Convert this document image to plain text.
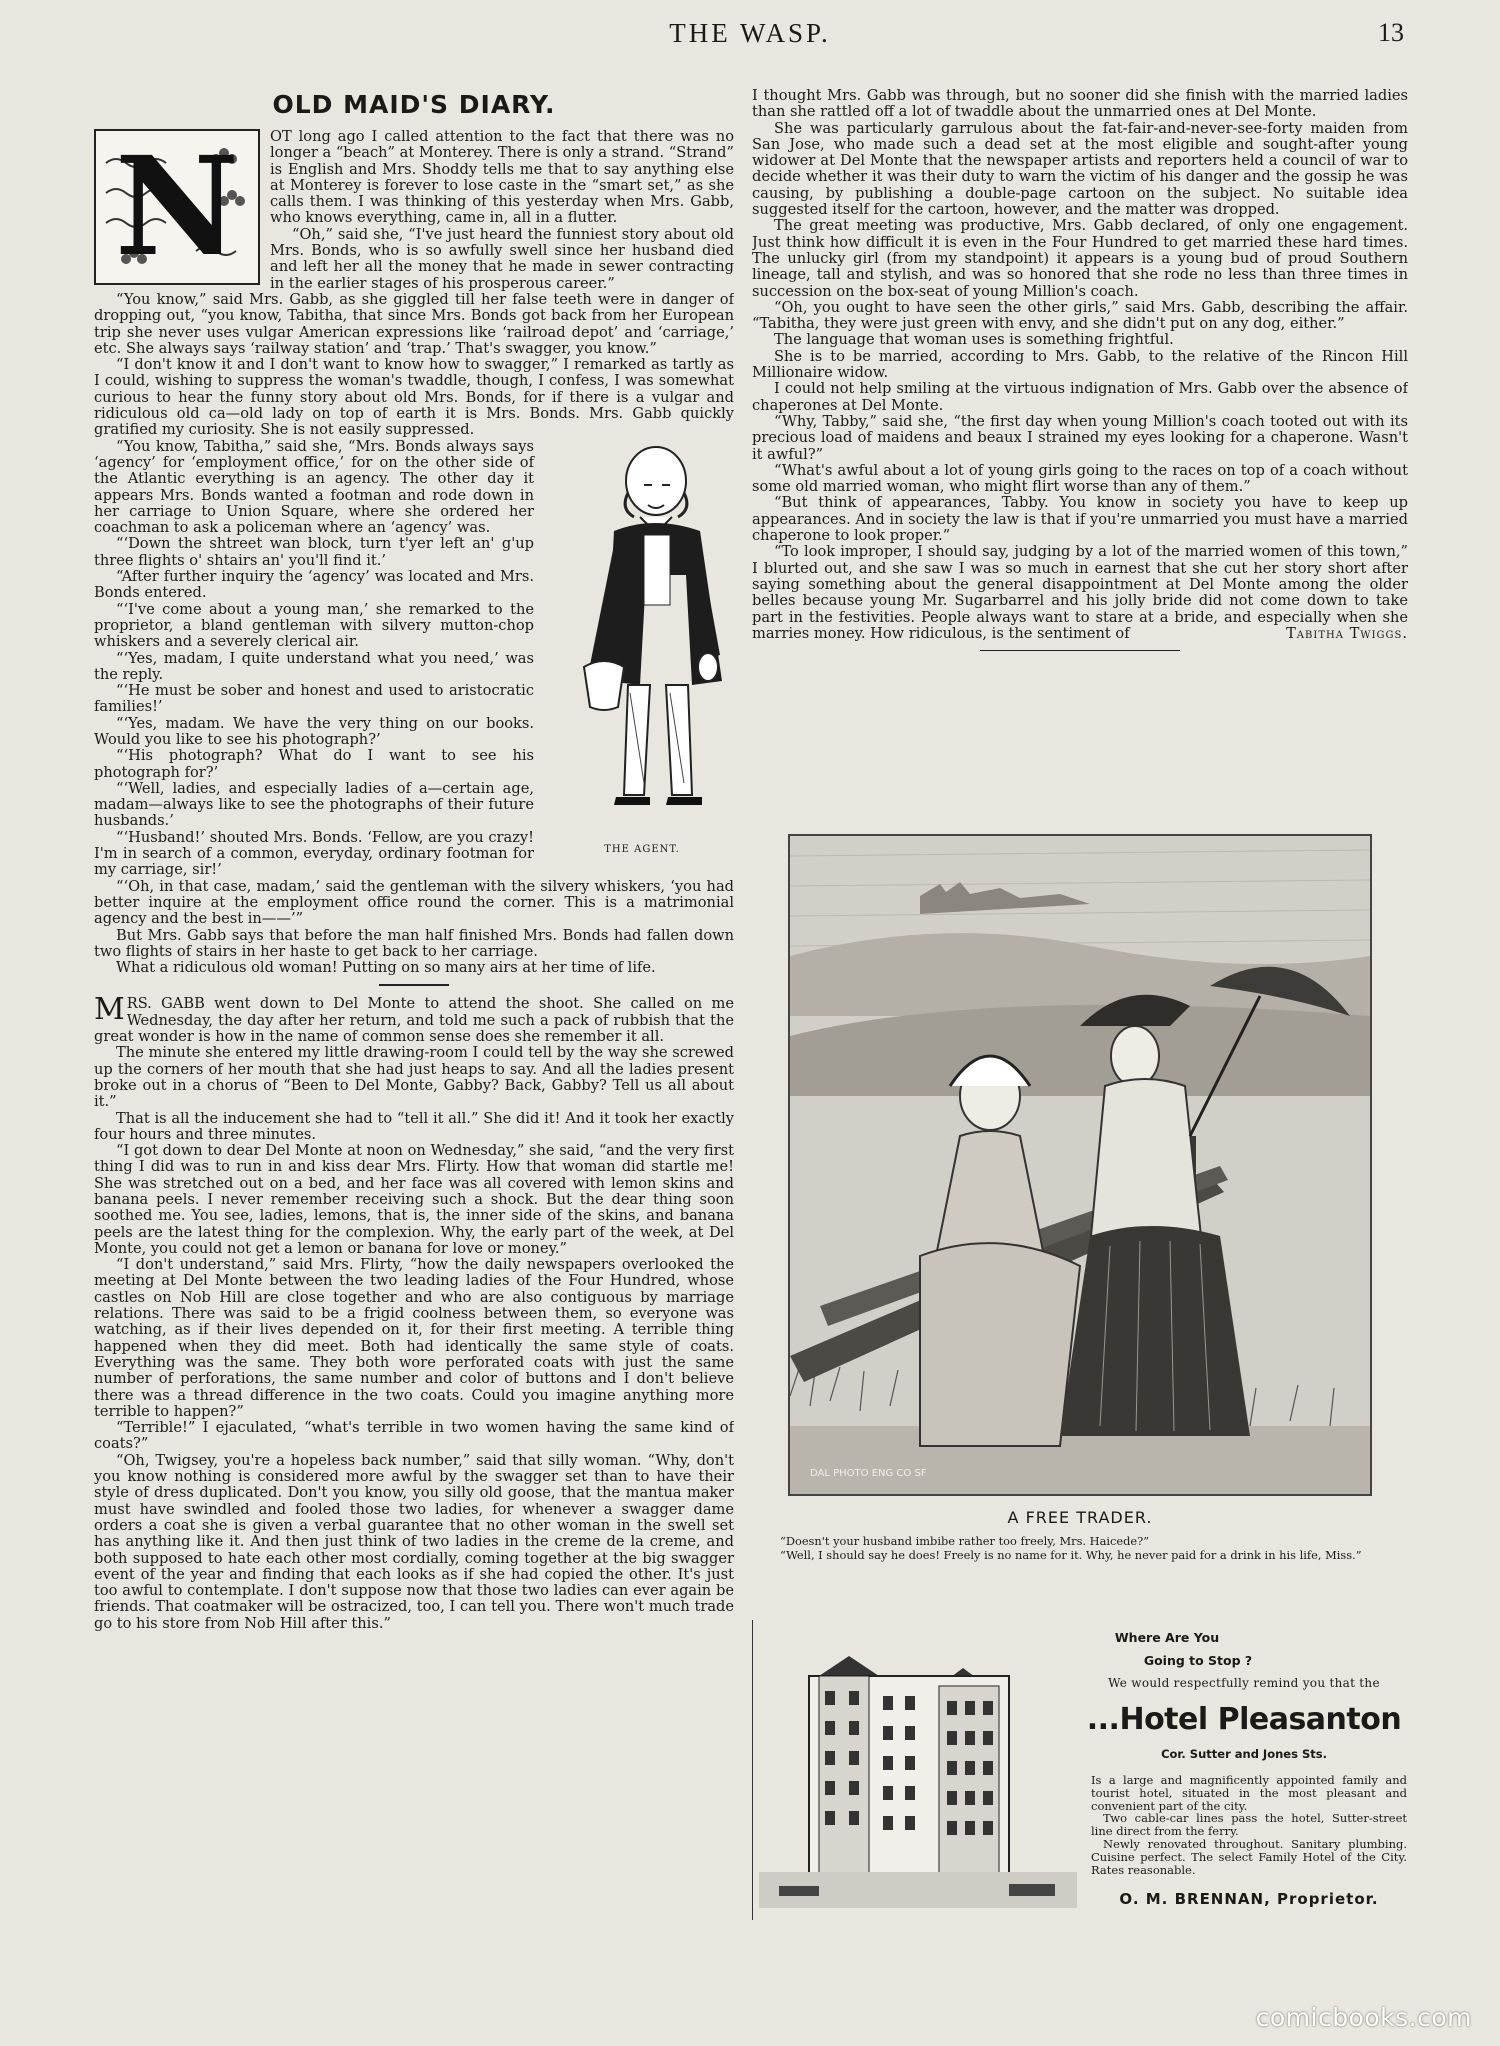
THE WASP.	13
OLD MAID'S DIARY.
N	OT long ago I called attention to the fact that there was no longer a “beach” at Monterey. There is only a strand. “Strand” is English and Mrs. Shoddy tells me that to say anything else at Monterey is forever to lose caste in the “smart set,” as she calls them. I was thinking of this yesterday when Mrs. Gabb, who knows everything, came in, all in a flutter.

“Oh,” said she, “I've just heard the funniest story about old Mrs. Bonds, who is so awfully swell since her husband died and left her all the money that he made in sewer contracting in the earlier stages of his prosperous career.”

“You know,” said Mrs. Gabb, as she giggled till her false teeth were in danger of dropping out, “you know, Tabitha, that since Mrs. Bonds got back from her European trip she never uses vulgar American expressions like ‘railroad depot’ and ‘carriage,’ etc. She always says ‘railway station’ and ‘trap.’ That's swagger, you know.”

“I don't know it and I don't want to know how to swagger,” I remarked as tartly as I could, wishing to suppress the woman's twaddle, though, I confess, I was somewhat curious to hear the funny story about old Mrs. Bonds, for if there is a vulgar and ridiculous old ca—old lady on top of earth it is Mrs. Bonds. Mrs. Gabb quickly gratified my curiosity. She is not easily suppressed.

THE AGENT.

“You know, Tabitha,” said she, “Mrs. Bonds always says ‘agency’ for ‘employment office,’ for on the other side of the Atlantic everything is an agency. The other day it appears Mrs. Bonds wanted a footman and rode down in her carriage to Union Square, where she ordered her coachman to ask a policeman where an ‘agency’ was.

“‘Down the shtreet wan block, turn t'yer left an' g'up three flights o' shtairs an' you'll find it.’

“After further inquiry the ‘agency’ was located and Mrs. Bonds entered.

“‘I've come about a young man,’ she remarked to the proprietor, a bland gentleman with silvery mutton-chop whiskers and a severely clerical air.

“‘Yes, madam, I quite understand what you need,’ was the reply.

“‘He must be sober and honest and used to aristocratic families!’

“‘Yes, madam. We have the very thing on our books. Would you like to see his photograph?’

“‘His photograph? What do I want to see his photograph for?’

“‘Well, ladies, and especially ladies of a—certain age, madam—always like to see the photographs of their future husbands.’

“‘Husband!’ shouted Mrs. Bonds. ‘Fellow, are you crazy! I'm in search of a common, everyday, ordinary footman for my carriage, sir!’

“‘Oh, in that case, madam,’ said the gentleman with the silvery whiskers, ‘you had better inquire at the employment office round the corner. This is a matrimonial agency and the best in——’”

But Mrs. Gabb says that before the man half finished Mrs. Bonds had fallen down two flights of stairs in her haste to get back to her carriage.

What a ridiculous old woman! Putting on so many airs at her time of life.

MRS. GABB went down to Del Monte to attend the shoot. She called on me Wednesday, the day after her return, and told me such a pack of rubbish that the great wonder is how in the name of common sense does she remember it all.

The minute she entered my little drawing-room I could tell by the way she screwed up the corners of her mouth that she had just heaps to say. And all the ladies present broke out in a chorus of “Been to Del Monte, Gabby? Back, Gabby? Tell us all about it.”

That is all the inducement she had to “tell it all.” She did it! And it took her exactly four hours and three minutes.

“I got down to dear Del Monte at noon on Wednesday,” she said, “and the very first thing I did was to run in and kiss dear Mrs. Flirty. How that woman did startle me! She was stretched out on a bed, and her face was all covered with lemon skins and banana peels. I never remember receiving such a shock. But the dear thing soon soothed me. You see, ladies, lemons, that is, the inner side of the skins, and banana peels are the latest thing for the complexion. Why, the early part of the week, at Del Monte, you could not get a lemon or banana for love or money.”

“I don't understand,” said Mrs. Flirty, “how the daily newspapers overlooked the meeting at Del Monte between the two leading ladies of the Four Hundred, whose castles on Nob Hill are close together and who are also contiguous by marriage relations. There was said to be a frigid coolness between them, so everyone was watching, as if their lives depended on it, for their first meeting. A terrible thing happened when they did meet. Both had identically the same style of coats. Everything was the same. They both wore perforated coats with just the same number of perforations, the same number and color of buttons and I don't believe there was a thread difference in the two coats. Could you imagine anything more terrible to happen?”

“Terrible!” I ejaculated, “what's terrible in two women having the same kind of coats?”

“Oh, Twigsey, you're a hopeless back number,” said that silly woman. “Why, don't you know nothing is considered more awful by the swagger set than to have their style of dress duplicated. Don't you know, you silly old goose, that the mantua maker must have swindled and fooled those two ladies, for whenever a swagger dame orders a coat she is given a verbal guarantee that no other woman in the swell set has anything like it. And then just think of two ladies in the creme de la creme, and both supposed to hate each other most cordially, coming together at the big swagger event of the year and finding that each looks as if she had copied the other. It's just too awful to contemplate. I don't suppose now that those two ladies can ever again be friends. That coatmaker will be ostracized, too, I can tell you. There won't much trade go to his store from Nob Hill after this.”

I thought Mrs. Gabb was through, but no sooner did she finish with the married ladies than she rattled off a lot of twaddle about the unmarried ones at Del Monte.

She was particularly garrulous about the fat-fair-and-never-see-forty maiden from San Jose, who made such a dead set at the most eligible and sought-after young widower at Del Monte that the newspaper artists and reporters held a council of war to decide whether it was their duty to warn the victim of his danger and the gossip he was causing, by publishing a double-page cartoon on the subject. No suitable idea suggested itself for the cartoon, however, and the matter was dropped.

The great meeting was productive, Mrs. Gabb declared, of only one engagement. Just think how difficult it is even in the Four Hundred to get married these hard times. The unlucky girl (from my standpoint) it appears is a young bud of proud Southern lineage, tall and stylish, and was so honored that she rode no less than three times in succession on the box-seat of young Million's coach.

“Oh, you ought to have seen the other girls,” said Mrs. Gabb, describing the affair. “Tabitha, they were just green with envy, and she didn't put on any dog, either.”

The language that woman uses is something frightful.

She is to be married, according to Mrs. Gabb, to the relative of the Rincon Hill Millionaire widow.

I could not help smiling at the virtuous indignation of Mrs. Gabb over the absence of chaperones at Del Monte.

“Why, Tabby,” said she, “the first day when young Million's coach tooted out with its precious load of maidens and beaux I strained my eyes looking for a chaperone. Wasn't it awful?”

“What's awful about a lot of young girls going to the races on top of a coach without some old married woman, who might flirt worse than any of them.”

“But think of appearances, Tabby. You know in society you have to keep up appearances. And in society the law is that if you're unmarried you must have a married chaperone to look proper.”

“To look improper, I should say, judging by a lot of the married women of this town,” I blurted out, and she saw I was so much in earnest that she cut her story short after saying something about the general disappointment at Del Monte among the older belles because young Mr. Sugarbarrel and his jolly bride did not come down to take part in the festivities. People always want to stare at a bride, and especially when she marries money. How ridiculous, is the sentiment of	Tabitha Twiggs.

DAL PHOTO ENG CO SF
A FREE TRADER.

“Doesn't your husband imbibe rather too freely, Mrs. Haicede?”

“Well, I should say he does! Freely is no name for it. Why, he never paid for a drink in his life, Miss.”

Where Are You
Going to Stop ?
We would respectfully remind you that the
...Hotel Pleasanton
Cor. Sutter and Jones Sts.

Is a large and magnificently appointed family and tourist hotel, situated in the most pleasant and convenient part of the city.

Two cable-car lines pass the hotel, Sutter-street line direct from the ferry.

Newly renovated throughout. Sanitary plumbing. Cuisine perfect. The select Family Hotel of the City. Rates reasonable.

O. M. BRENNAN, Proprietor.
comicbooks.com
